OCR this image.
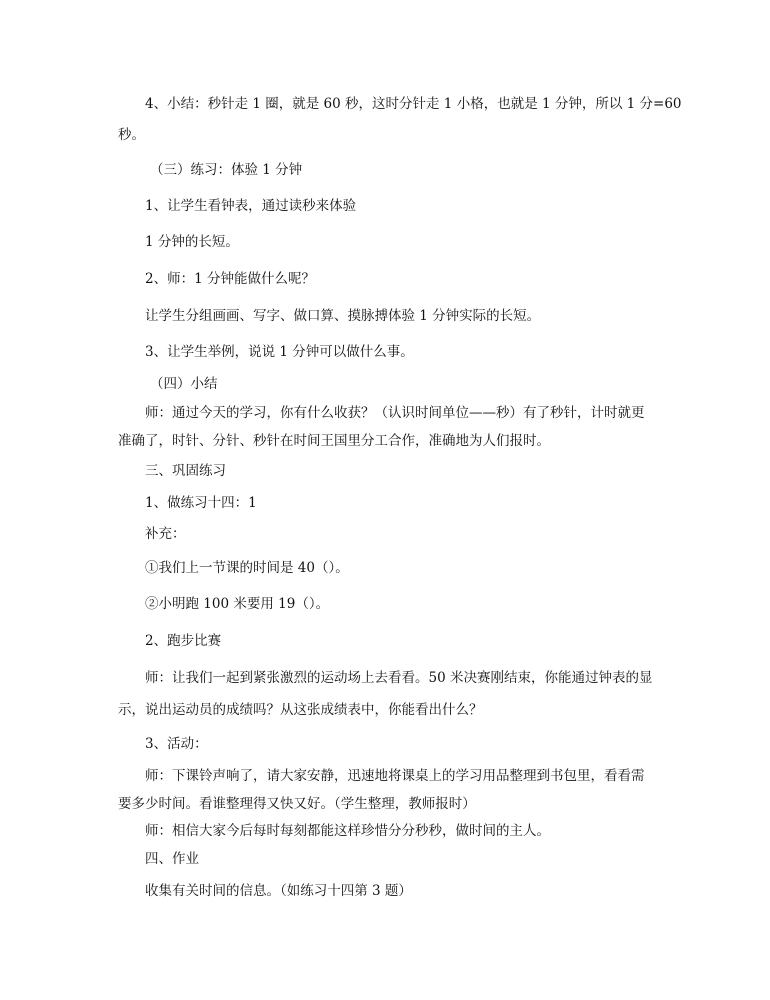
4、小结：秒针走 1 圈，就是 60 秒，这时分针走 1 小格，也就是 1 分钟，所以 1 分=60
秒。
（三）练习：体验 1 分钟
1、让学生看钟表，通过读秒来体验
1 分钟的长短。
2、师：1 分钟能做什么呢？
让学生分组画画、写字、做口算、摸脉搏体验 1 分钟实际的长短。
3、让学生举例，说说 1 分钟可以做什么事。
（四）小结
师：通过今天的学习，你有什么收获？（认识时间单位——秒）有了秒针，计时就更
准确了，时针、分针、秒针在时间王国里分工合作，准确地为人们报时。
三、巩固练习
1、做练习十四：1
补充：
①我们上一节课的时间是 40（）。
②小明跑 100 米要用 19（）。
2、跑步比赛
师：让我们一起到紧张激烈的运动场上去看看。50 米决赛刚结束，你能通过钟表的显
示，说出运动员的成绩吗？从这张成绩表中，你能看出什么？
3、活动：
师：下课铃声响了，请大家安静，迅速地将课桌上的学习用品整理到书包里，看看需
要多少时间。看谁整理得又快又好。（学生整理，教师报时）
师：相信大家今后每时每刻都能这样珍惜分分秒秒，做时间的主人。
四、作业
收集有关时间的信息。（如练习十四第 3 题）
